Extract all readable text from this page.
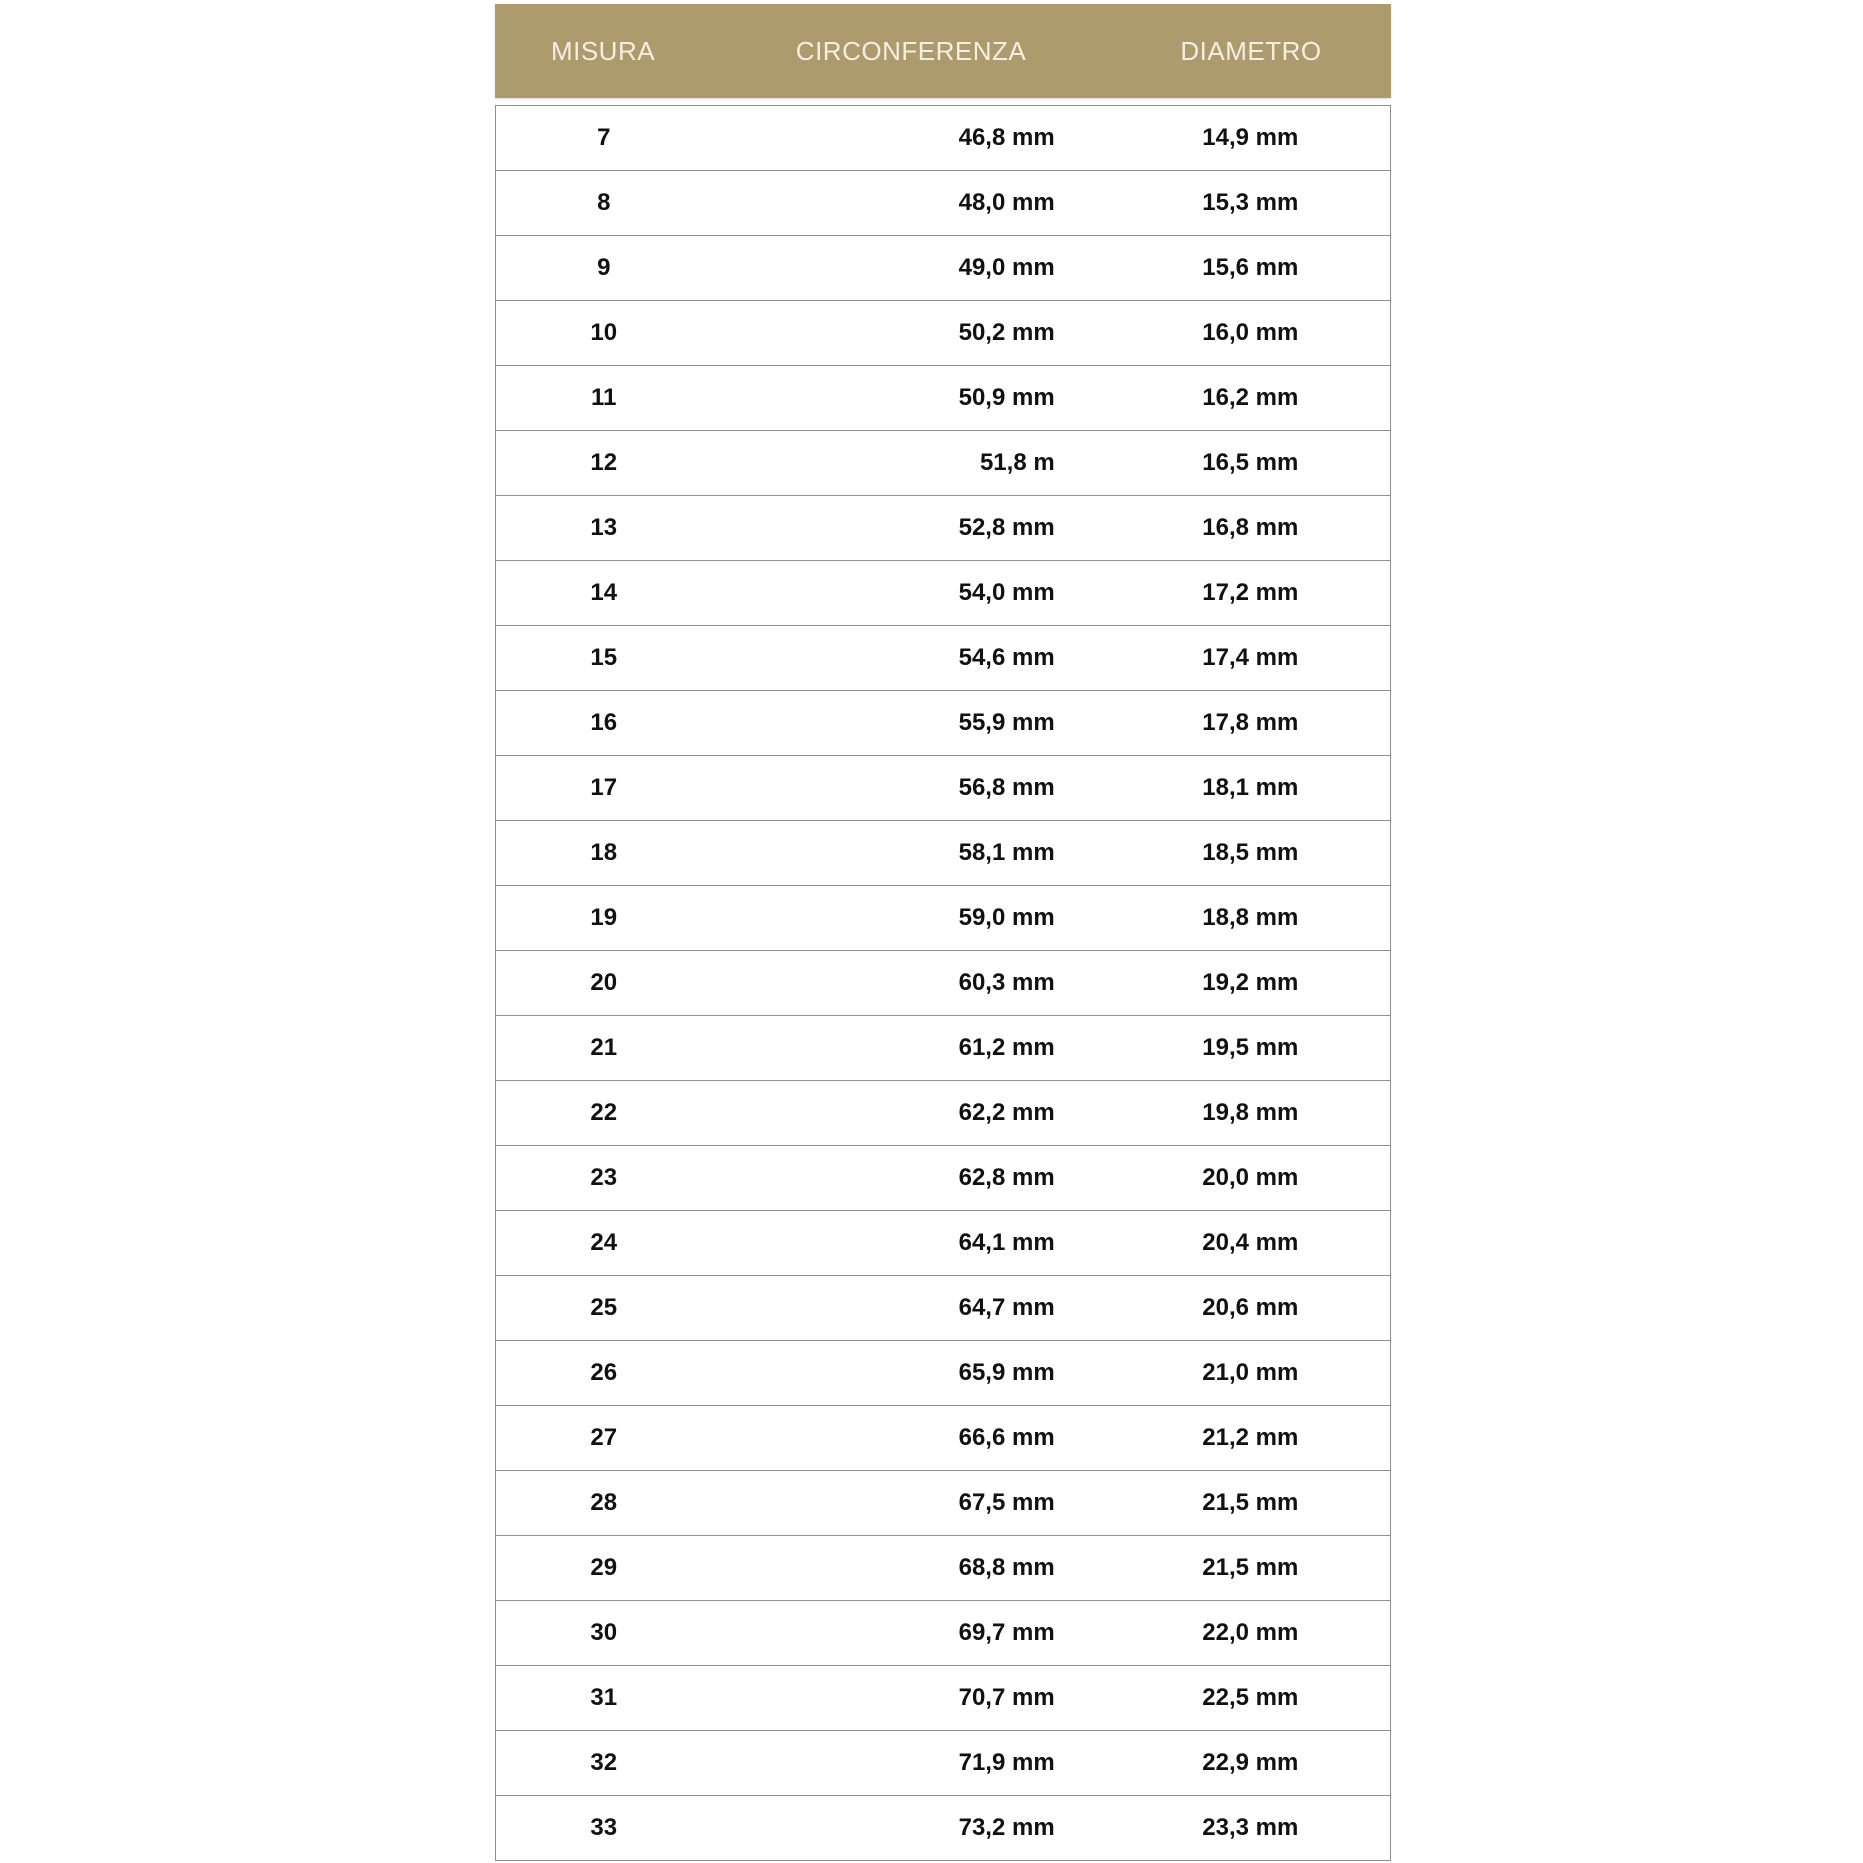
MISURA	CIRCONFERENZA	DIAMETRO
7	46,8 mm	14,9 mm
8	48,0 mm	15,3 mm
9	49,0 mm	15,6 mm
10	50,2 mm	16,0 mm
11	50,9 mm	16,2 mm
12	51,8 m	16,5 mm
13	52,8 mm	16,8 mm
14	54,0 mm	17,2 mm
15	54,6 mm	17,4 mm
16	55,9 mm	17,8 mm
17	56,8 mm	18,1 mm
18	58,1 mm	18,5 mm
19	59,0 mm	18,8 mm
20	60,3 mm	19,2 mm
21	61,2 mm	19,5 mm
22	62,2 mm	19,8 mm
23	62,8 mm	20,0 mm
24	64,1 mm	20,4 mm
25	64,7 mm	20,6 mm
26	65,9 mm	21,0 mm
27	66,6 mm	21,2 mm
28	67,5 mm	21,5 mm
29	68,8 mm	21,5 mm
30	69,7 mm	22,0 mm
31	70,7 mm	22,5 mm
32	71,9 mm	22,9 mm
33	73,2 mm	23,3 mm
